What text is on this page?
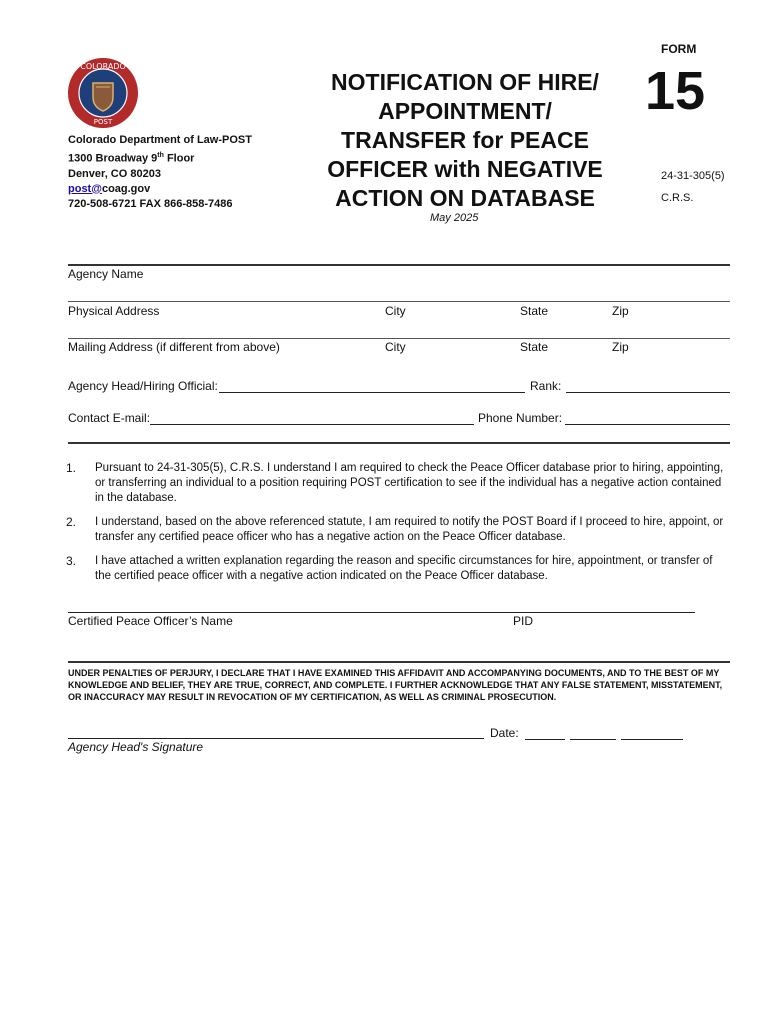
COLORADO
POST
Colorado Department of Law-POST
1300 Broadway 9th Floor
Denver, CO 80203
post@coag.gov
720-508-6721 FAX 866-858-7486
NOTIFICATION OF HIRE/
APPOINTMENT/
TRANSFER for PEACE
OFFICER with NEGATIVE
ACTION ON DATABASE
May 2025
FORM
15
24-31-305(5)
C.R.S.
Agency Name
Physical Address	City	State	Zip
Mailing Address (if different from above)	City	State	Zip
Agency Head/Hiring Official:	Rank:
Contact E-mail:	Phone Number:
1. Pursuant to 24-31-305(5), C.R.S. I understand I am required to check the Peace Officer database prior to hiring, appointing, or transferring an individual to a position requiring POST certification to see if the individual has a negative action contained in the database.
2. I understand, based on the above referenced statute, I am required to notify the POST Board if I proceed to hire, appoint, or transfer any certified peace officer who has a negative action on the Peace Officer database.
3. I have attached a written explanation regarding the reason and specific circumstances for hire, appointment, or transfer of the certified peace officer with a negative action indicated on the Peace Officer database.
Certified Peace Officer’s Name	PID
UNDER PENALTIES OF PERJURY, I DECLARE THAT I HAVE EXAMINED THIS AFFIDAVIT AND ACCOMPANYING DOCUMENTS, AND TO THE BEST OF MY KNOWLEDGE AND BELIEF, THEY ARE TRUE, CORRECT, AND COMPLETE. I FURTHER ACKNOWLEDGE THAT ANY FALSE STATEMENT, MISSTATEMENT, OR INACCURACY MAY RESULT IN REVOCATION OF MY CERTIFICATION, AS WELL AS CRIMINAL PROSECUTION.
Date:
Agency Head's Signature
